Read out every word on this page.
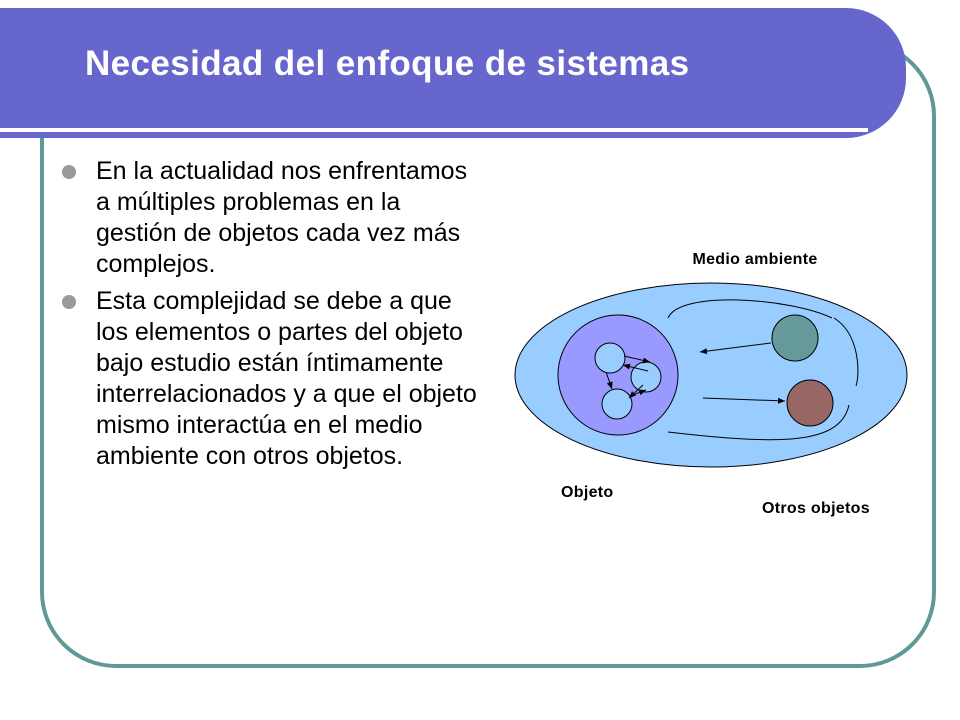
Necesidad del enfoque de sistemas
En la actualidad nos enfrentamos a múltiples problemas en la gestión de objetos cada vez más complejos.
Esta complejidad se debe a que los elementos o partes del objeto bajo estudio están íntimamente interrelacionados y a que el objeto mismo interactúa en el medio ambiente con otros objetos.
Medio ambiente
Objeto
Otros objetos
